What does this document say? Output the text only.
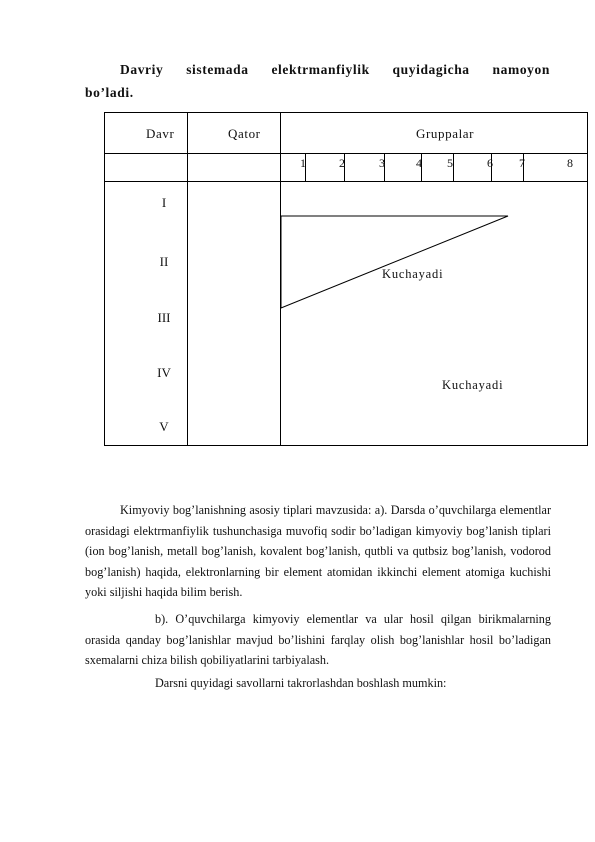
Davriy sistemada elektrmanfiylik quyidagicha namoyon
bo’ladi.
Davr	Qator	Gruppalar
1	2	3	4 5	6 7	8
I
II
III
IV
V
Kuchayadi
Kuchayadi

Kimyoviy bog’lanishning asosiy tiplari mavzusida: a). Darsda o’quvchilarga elementlar orasidagi elektrmanfiylik tushunchasiga muvofiq sodir bo’ladigan kimyoviy bog’lanish tiplari (ion bog’lanish, metall bog’lanish, kovalent bog’lanish, qutbli va qutbsiz bog’lanish, vodorod bog’lanish) haqida, elektronlarning bir element atomidan ikkinchi element atomiga kuchishi yoki siljishi haqida bilim berish.

b). O’quvchilarga kimyoviy elementlar va ular hosil qilgan birikmalarning orasida qanday bog’lanishlar mavjud bo’lishini farqlay olish bog’lanishlar hosil bo’ladigan sxemalarni chiza bilish qobiliyatlarini tarbiyalash.

Darsni quyidagi savollarni takrorlashdan boshlash mumkin:
